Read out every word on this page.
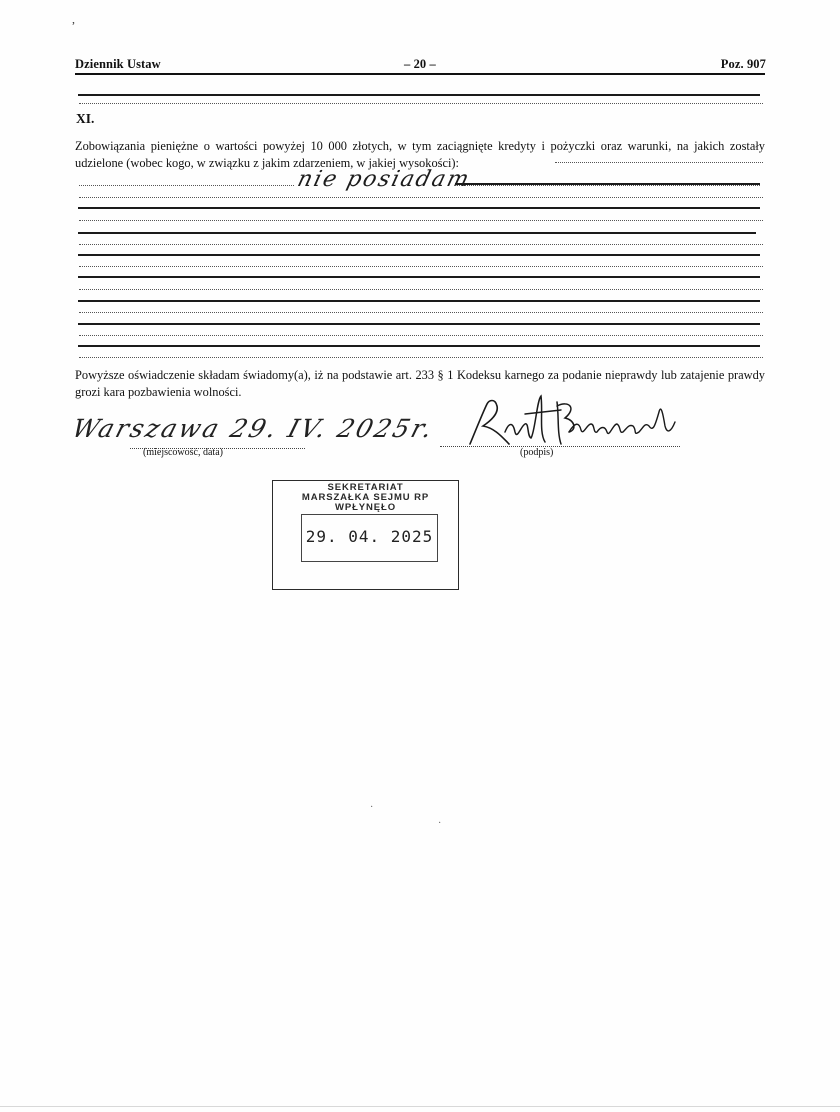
,
Dziennik Ustaw	– 20 –	Poz. 907
XI.
Zobowiązania pieniężne o wartości powyżej 10 000 złotych, w tym zaciągnięte kredyty i pożyczki oraz warunki, na jakich zostały udzielone (wobec kogo, w związku z jakim zdarzeniem, w jakiej wysokości):
nie posiadam
Powyższe oświadczenie składam świadomy(a), iż na podstawie art. 233 § 1 Kodeksu karnego za podanie nieprawdy lub zatajenie prawdy grozi kara pozbawienia wolności.
Warszawa 29. IV. 2025r.
(miejscowość, data)	(podpis)
SEKRETARIAT
MARSZAŁKA SEJMU RP
WPŁYNĘŁO
29. 04. 2025
·
·
